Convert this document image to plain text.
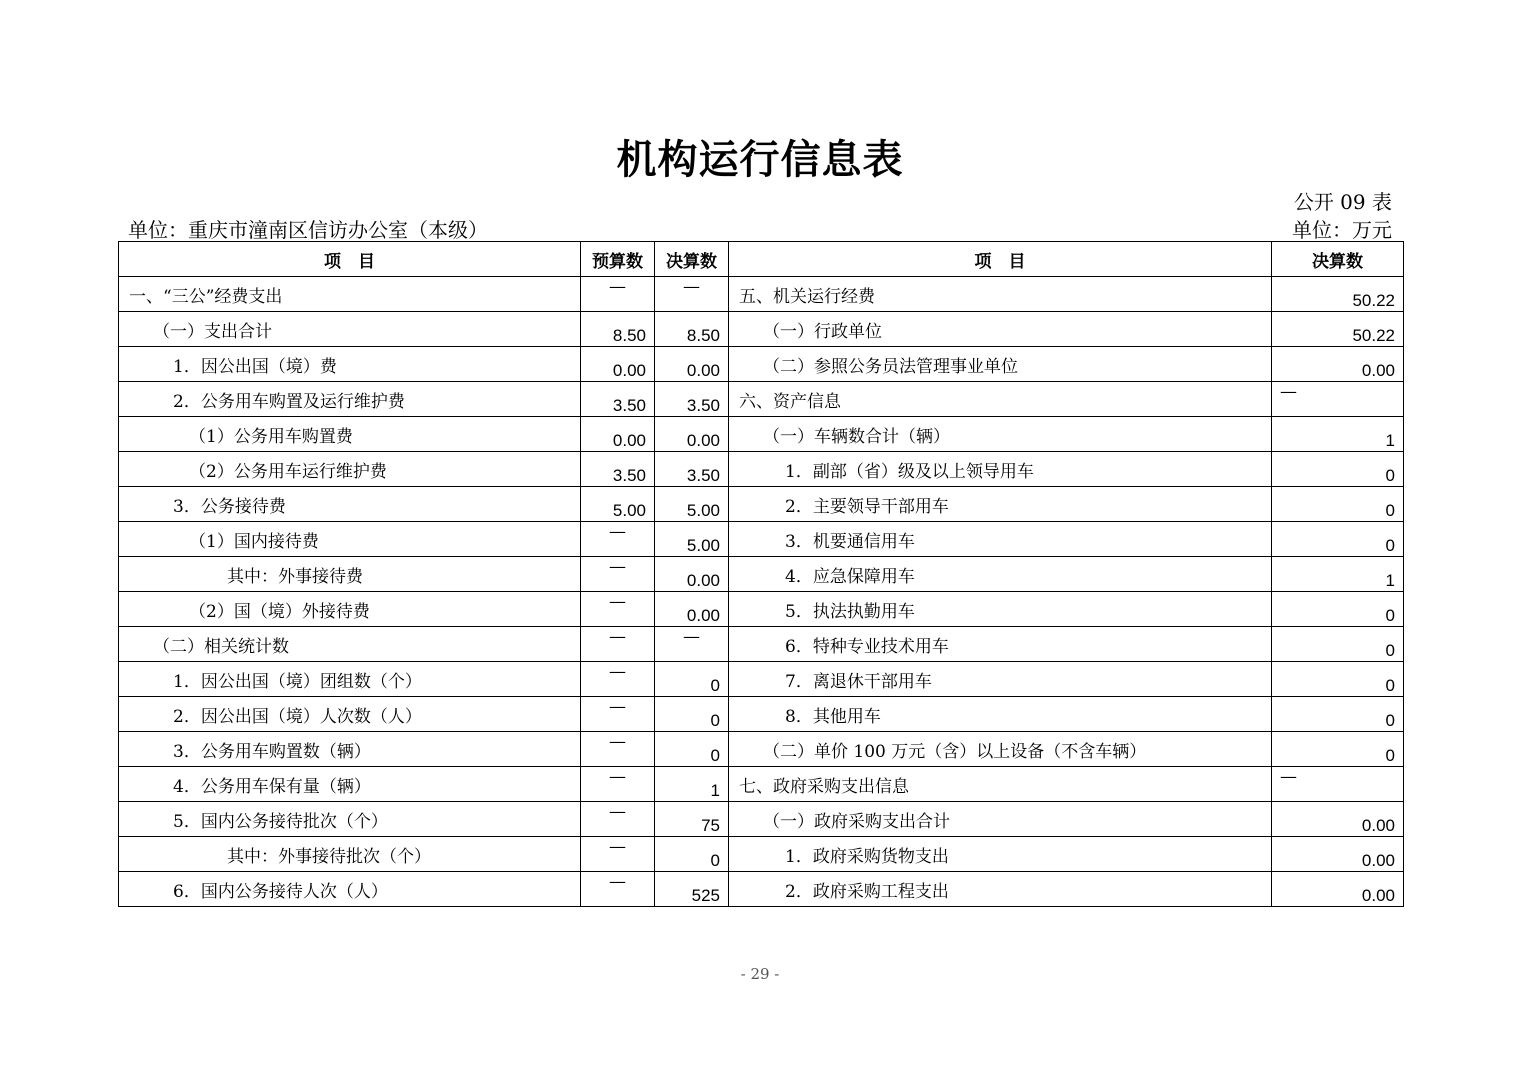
机构运行信息表
公开 09 表
单位：重庆市潼南区信访办公室（本级）	单位：万元
项　目	预算数	决算数	项　目	决算数
一、“三公”经费支出	—	—	五、机关运行经费	50.22
（一）支出合计	8.50	8.50	（一）行政单位	50.22
1．因公出国（境）费	0.00	0.00	（二）参照公务员法管理事业单位	0.00
2．公务用车购置及运行维护费	3.50	3.50	六、资产信息	—
（1）公务用车购置费	0.00	0.00	（一）车辆数合计（辆）	1
（2）公务用车运行维护费	3.50	3.50	1．副部（省）级及以上领导用车	0
3．公务接待费	5.00	5.00	2．主要领导干部用车	0
（1）国内接待费	—	5.00	3．机要通信用车	0
其中：外事接待费	—	0.00	4．应急保障用车	1
（2）国（境）外接待费	—	0.00	5．执法执勤用车	0
（二）相关统计数	—	—	6．特种专业技术用车	0
1．因公出国（境）团组数（个）	—	0	7．离退休干部用车	0
2．因公出国（境）人次数（人）	—	0	8．其他用车	0
3．公务用车购置数（辆）	—	0	（二）单价 100 万元（含）以上设备（不含车辆）	0
4．公务用车保有量（辆）	—	1	七、政府采购支出信息	—
5．国内公务接待批次（个）	—	75	（一）政府采购支出合计	0.00
其中：外事接待批次（个）	—	0	1．政府采购货物支出	0.00
6．国内公务接待人次（人）	—	525	2．政府采购工程支出	0.00
- 29 -
